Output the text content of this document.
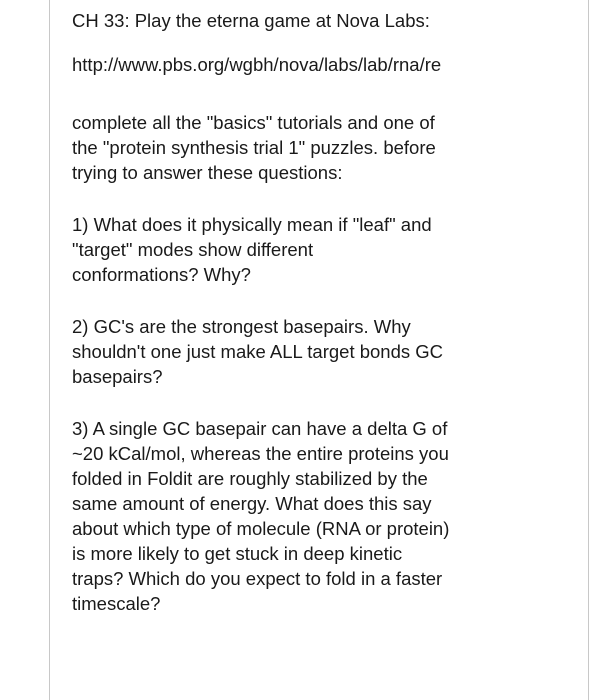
CH 33: Play the eterna game at Nova Labs:
http://www.pbs.org/wgbh/nova/labs/lab/rna/re
complete all the "basics" tutorials and one of
the "protein synthesis trial 1" puzzles. before
trying to answer these questions:
1) What does it physically mean if "leaf" and
"target" modes show different
conformations? Why?
2) GC's are the strongest basepairs. Why
shouldn't one just make ALL target bonds GC
basepairs?
3) A single GC basepair can have a delta G of
~20 kCal/mol, whereas the entire proteins you
folded in Foldit are roughly stabilized by the
same amount of energy. What does this say
about which type of molecule (RNA or protein)
is more likely to get stuck in deep kinetic
traps? Which do you expect to fold in a faster
timescale?
